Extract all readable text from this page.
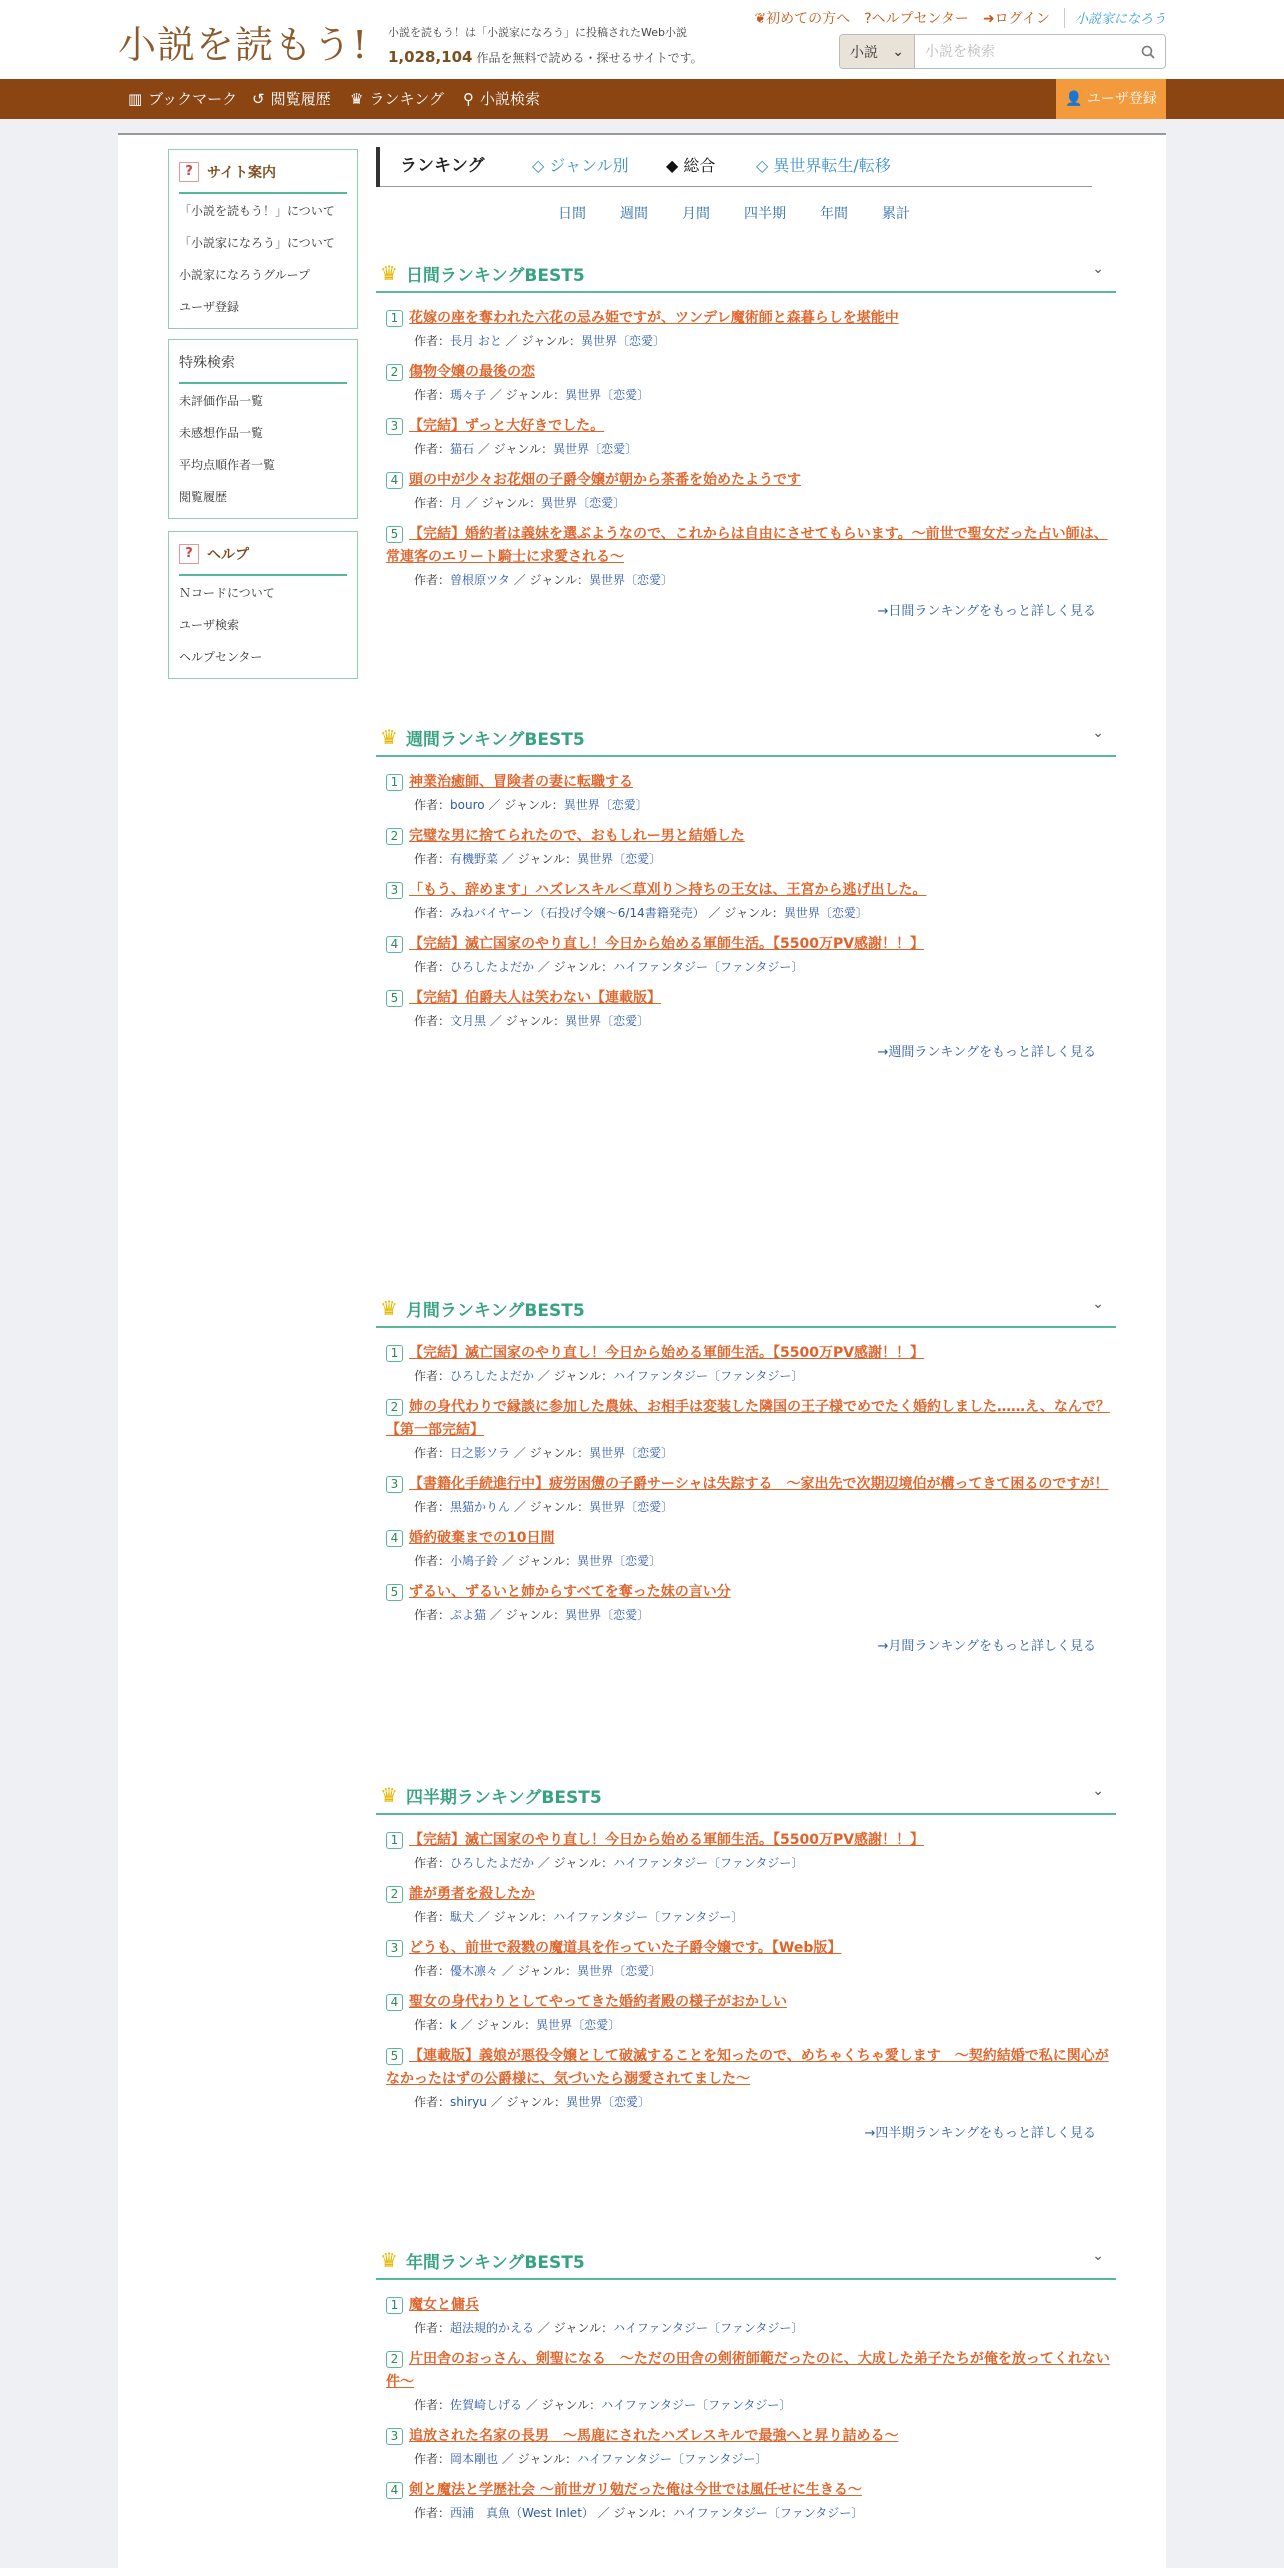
小説を読もう! 小説を読もう！は「小説家になろう」に投稿されたWeb小説
1,028,104 作品を無料で読める・探せるサイトです。
❦初めての方へ ?ヘルプセンター ➜ログイン	小説家になろう
小説 ⌄
小説を検索
▥ ブックマーク ↺ 閲覧履歴 ♛ ランキング ⚲ 小説検索	👤 ユーザ登録
?	サイト案内
「小説を読もう！」について
「小説家になろう」について
小説家になろうグループ
ユーザ登録
特殊検索
未評価作品一覧
未感想作品一覧
平均点順作者一覧
閲覧履歴
?	ヘルプ
Ｎコードについて
ユーザ検索
ヘルプセンター
ランキング	◇ ジャンル別 ◆ 総合	◇ 異世界転生/転移
日間 週間 月間 四半期 年間 累計
♛ 日間ランキングBEST5	⌄
1 花嫁の座を奪われた六花の忌み姫ですが、ツンデレ魔術師と森暮らしを堪能中
作者：長月 おと ／ ジャンル：異世界〔恋愛〕
2 傷物令嬢の最後の恋
作者：瑪々子 ／ ジャンル：異世界〔恋愛〕
3 【完結】ずっと大好きでした。
作者：猫石 ／ ジャンル：異世界〔恋愛〕
4 頭の中が少々お花畑の子爵令嬢が朝から茶番を始めたようです
作者：月 ／ ジャンル：異世界〔恋愛〕
5 【完結】婚約者は義妹を選ぶようなので、これからは自由にさせてもらいます。〜前世で聖女だった占い師は、常連客のエリート騎士に求愛される〜
作者：曽根原ツタ ／ ジャンル：異世界〔恋愛〕
→日間ランキングをもっと詳しく見る
♛ 週間ランキングBEST5	⌄
1 神業治癒師、冒険者の妻に転職する
作者：bouro ／ ジャンル：異世界〔恋愛〕
2 完璧な男に捨てられたので、おもしれー男と結婚した
作者：有機野菜 ／ ジャンル：異世界〔恋愛〕
3 「もう、辞めます」ハズレスキル＜草刈り＞持ちの王女は、王宮から逃げ出した。
作者：みねバイヤーン（石投げ令嬢〜6/14書籍発売） ／ ジャンル：異世界〔恋愛〕
4 【完結】滅亡国家のやり直し！今日から始める軍師生活。【5500万PV感謝！！】
作者：ひろしたよだか ／ ジャンル：ハイファンタジー〔ファンタジー〕
5 【完結】伯爵夫人は笑わない【連載版】
作者：文月黒 ／ ジャンル：異世界〔恋愛〕
→週間ランキングをもっと詳しく見る
♛ 月間ランキングBEST5	⌄
1 【完結】滅亡国家のやり直し！今日から始める軍師生活。【5500万PV感謝！！】
作者：ひろしたよだか ／ ジャンル：ハイファンタジー〔ファンタジー〕
2 姉の身代わりで縁談に参加した農妹、お相手は変装した隣国の王子様でめでたく婚約しました……え、なんで？【第一部完結】
作者：日之影ソラ ／ ジャンル：異世界〔恋愛〕
3 【書籍化手続進行中】疲労困憊の子爵サーシャは失踪する　〜家出先で次期辺境伯が構ってきて困るのですが！
作者：黒猫かりん ／ ジャンル：異世界〔恋愛〕
4 婚約破棄までの10日間
作者：小鳩子鈴 ／ ジャンル：異世界〔恋愛〕
5 ずるい、ずるいと姉からすべてを奪った妹の言い分
作者：ぷよ猫 ／ ジャンル：異世界〔恋愛〕
→月間ランキングをもっと詳しく見る
♛ 四半期ランキングBEST5	⌄
1 【完結】滅亡国家のやり直し！今日から始める軍師生活。【5500万PV感謝！！】
作者：ひろしたよだか ／ ジャンル：ハイファンタジー〔ファンタジー〕
2 誰が勇者を殺したか
作者：駄犬 ／ ジャンル：ハイファンタジー〔ファンタジー〕
3 どうも、前世で殺戮の魔道具を作っていた子爵令嬢です。【Web版】
作者：優木凛々 ／ ジャンル：異世界〔恋愛〕
4 聖女の身代わりとしてやってきた婚約者殿の様子がおかしい
作者：k ／ ジャンル：異世界〔恋愛〕
5 【連載版】義娘が悪役令嬢として破滅することを知ったので、めちゃくちゃ愛します　〜契約結婚で私に関心がなかったはずの公爵様に、気づいたら溺愛されてました〜
作者：shiryu ／ ジャンル：異世界〔恋愛〕
→四半期ランキングをもっと詳しく見る
♛ 年間ランキングBEST5	⌄
1 魔女と傭兵
作者：超法規的かえる ／ ジャンル：ハイファンタジー〔ファンタジー〕
2 片田舎のおっさん、剣聖になる　〜ただの田舎の剣術師範だったのに、大成した弟子たちが俺を放ってくれない件〜
作者：佐賀崎しげる ／ ジャンル：ハイファンタジー〔ファンタジー〕
3 追放された名家の長男　〜馬鹿にされたハズレスキルで最強へと昇り詰める〜
作者：岡本剛也 ／ ジャンル：ハイファンタジー〔ファンタジー〕
4 剣と魔法と学歴社会 〜前世ガリ勉だった俺は今世では風任せに生きる〜
作者：西浦　真魚（West Inlet） ／ ジャンル：ハイファンタジー〔ファンタジー〕
